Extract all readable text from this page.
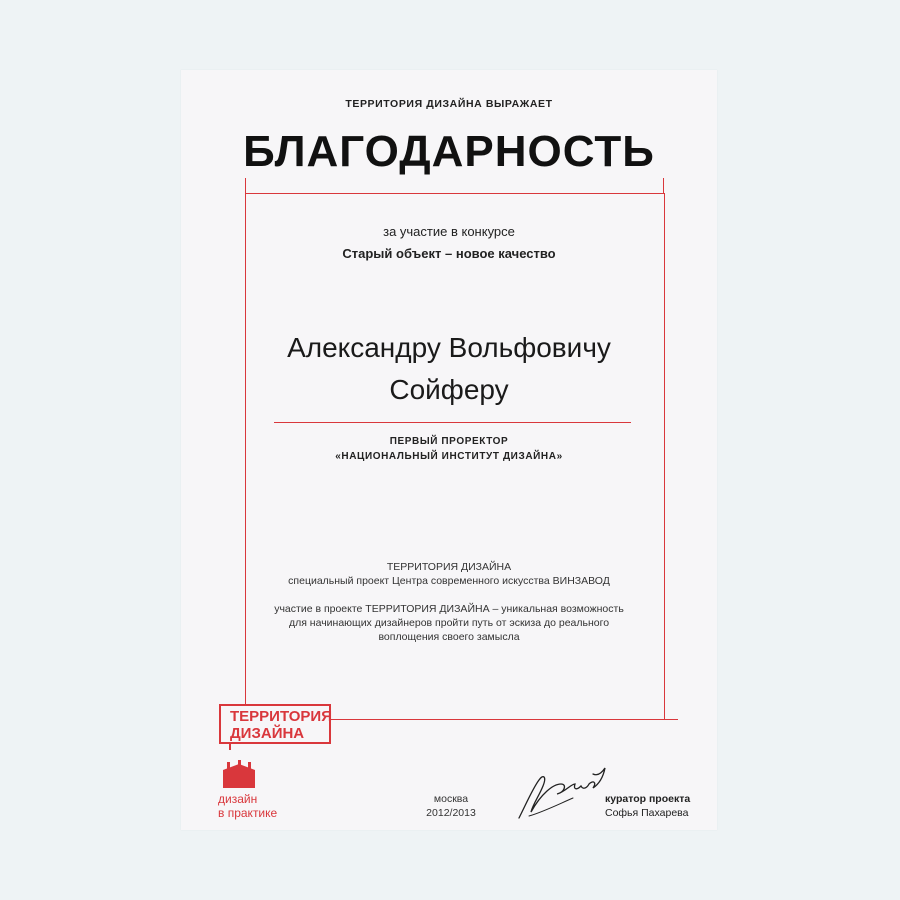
ТЕРРИТОРИЯ ДИЗАЙНА ВЫРАЖАЕТ
БЛАГОДАРНОСТЬ
за участие в конкурсе
Старый объект – новое качество
Александру Вольфовичу
Сойферу
ПЕРВЫЙ ПРОРЕКТОР
«НАЦИОНАЛЬНЫЙ ИНСТИТУТ ДИЗАЙНА»
ТЕРРИТОРИЯ ДИЗАЙНА
специальный проект Центра современного искусства ВИНЗАВОД
участие в проекте ТЕРРИТОРИЯ ДИЗАЙНА – уникальная возможность
для начинающих дизайнеров пройти путь от эскиза до реального
воплощения своего замысла
ТЕРРИТОРИЯ
ДИЗАЙНА
дизайн
в практике
москва
2012/2013
куратор проекта
Софья Пахарева
